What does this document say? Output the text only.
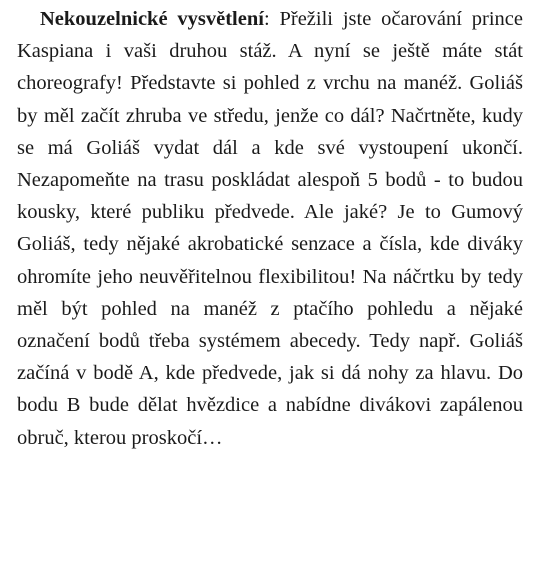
Nekouzelnické vysvětlení: Přežili jste očarování prince Kaspiana i vaši druhou stáž. A nyní se ještě máte stát choreografy! Představte si pohled z vrchu na manéž. Goliáš by měl začít zhruba ve středu, jenže co dál? Načrtněte, kudy se má Goliáš vydat dál a kde své vystoupení ukončí. Nezapomeňte na trasu poskládat alespoň 5 bodů - to budou kousky, které publiku předvede. Ale jaké? Je to Gumový Goliáš, tedy nějaké akrobatické senzace a čísla, kde diváky ohromíte jeho neuvěřitelnou flexibilitou! Na náčrtku by tedy měl být pohled na manéž z ptačího pohledu a nějaké označení bodů třeba systémem abecedy. Tedy např. Goliáš začíná v bodě A, kde předvede, jak si dá nohy za hlavu. Do bodu B bude dělat hvězdice a nabídne divákovi zapálenou obruč, kterou proskočí…
